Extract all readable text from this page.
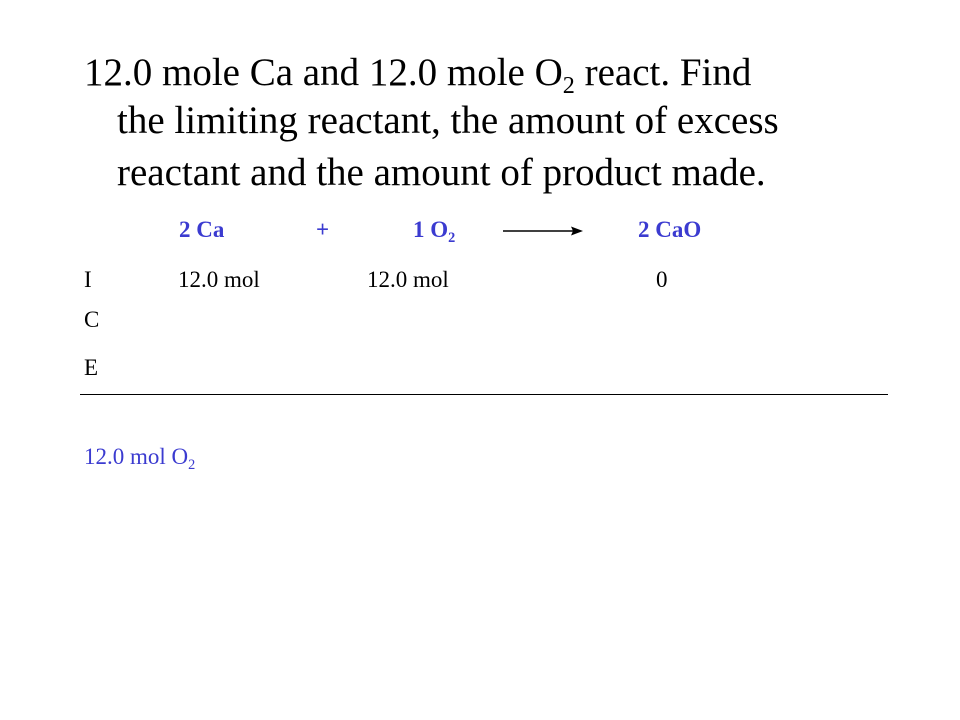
12.0 mole Ca and 12.0 mole O2 react. Find
the limiting reactant, the amount of excess
reactant and the amount of product made.
2 Ca	+	1 O2	2 CaO
I	12.0 mol	12.0 mol	0
C
E
12.0 mol O2
